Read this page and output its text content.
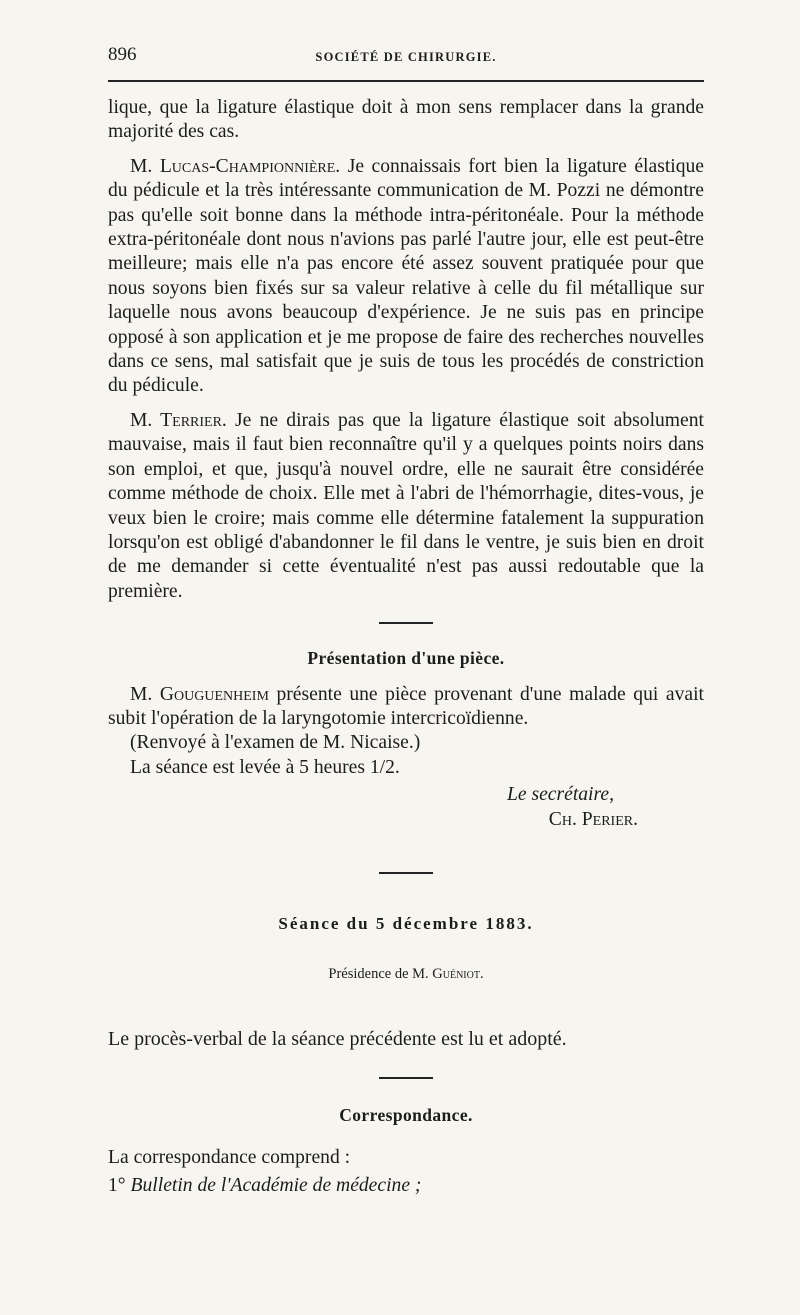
896	SOCIÉTÉ DE CHIRURGIE.

lique, que la ligature élastique doit à mon sens remplacer dans la grande majorité des cas.

M. Lucas-Championnière. Je connaissais fort bien la ligature élastique du pédicule et la très intéressante communication de M. Pozzi ne démontre pas qu'elle soit bonne dans la méthode intra-péritonéale. Pour la méthode extra-péritonéale dont nous n'avions pas parlé l'autre jour, elle est peut-être meilleure; mais elle n'a pas encore été assez souvent pratiquée pour que nous soyons bien fixés sur sa valeur relative à celle du fil métallique sur laquelle nous avons beaucoup d'expérience. Je ne suis pas en principe opposé à son application et je me propose de faire des recherches nouvelles dans ce sens, mal satisfait que je suis de tous les procédés de constriction du pédicule.

M. Terrier. Je ne dirais pas que la ligature élastique soit absolument mauvaise, mais il faut bien reconnaître qu'il y a quelques points noirs dans son emploi, et que, jusqu'à nouvel ordre, elle ne saurait être considérée comme méthode de choix. Elle met à l'abri de l'hémorrhagie, dites-vous, je veux bien le croire; mais comme elle détermine fatalement la suppuration lorsqu'on est obligé d'abandonner le fil dans le ventre, je suis bien en droit de me demander si cette éventualité n'est pas aussi redoutable que la première.

Présentation d'une pièce.

M. Gouguenheim présente une pièce provenant d'une malade qui avait subit l'opération de la laryngotomie intercricoïdienne.

(Renvoyé à l'examen de M. Nicaise.)

La séance est levée à 5 heures 1/2.

Le secrétaire,
Ch. Perier.
Séance du 5 décembre 1883.
Présidence de M. Guéniot.

Le procès-verbal de la séance précédente est lu et adopté.

Correspondance.

La correspondance comprend :

1° Bulletin de l'Académie de médecine ;
